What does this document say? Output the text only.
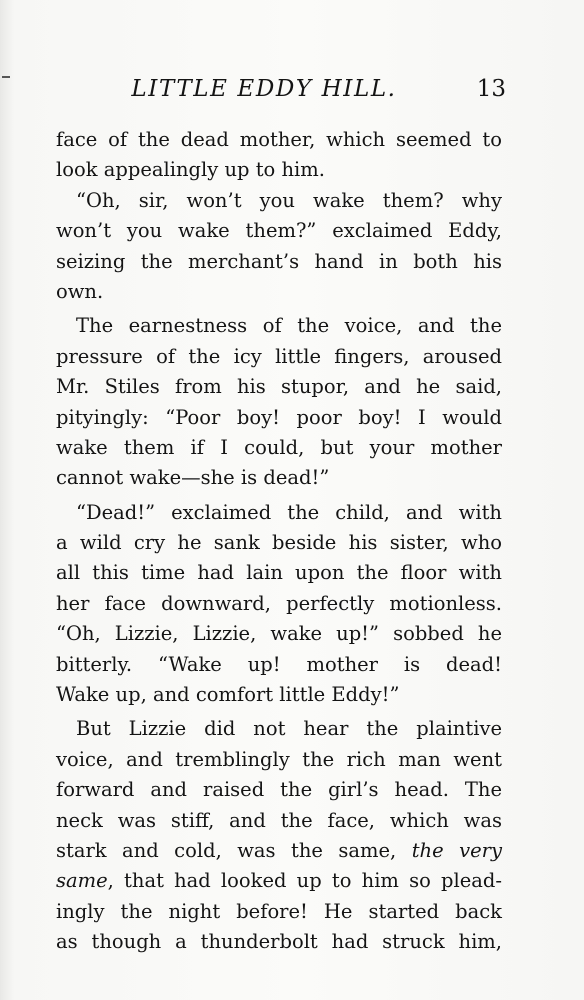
LITTLE EDDY HILL.	13
face of the dead mother, which seemed to
look appealingly up to him.
“Oh, sir, won’t you wake them? why
won’t you wake them?” exclaimed Eddy,
seizing the merchant’s hand in both his
own.
The earnestness of the voice, and the
pressure of the icy little fingers, aroused
Mr. Stiles from his stupor, and he said,
pityingly: “Poor boy! poor boy! I would
wake them if I could, but your mother
cannot wake—she is dead!”
“Dead!” exclaimed the child, and with
a wild cry he sank beside his sister, who
all this time had lain upon the floor with
her face downward, perfectly motionless.
“Oh, Lizzie, Lizzie, wake up!” sobbed he
bitterly. “Wake up! mother is dead!
Wake up, and comfort little Eddy!”
But Lizzie did not hear the plaintive
voice, and tremblingly the rich man went
forward and raised the girl’s head. The
neck was stiff, and the face, which was
stark and cold, was the same, the very
same, that had looked up to him so plead-
ingly the night before! He started back
as though a thunderbolt had struck him,
